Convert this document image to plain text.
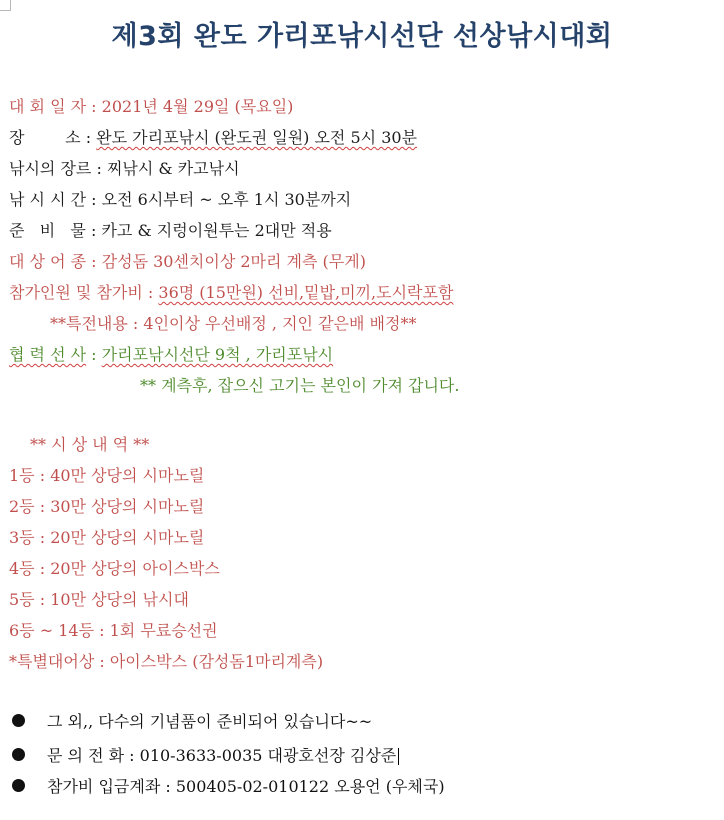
제3회 완도 가리포낚시선단 선상낚시대회
대 회 일 자 : 2021년 4월 29일 (목요일)
장        소 : 완도 가리포낚시 (완도권 일원) 오전 5시 30분
낚시의 장르 : 찌낚시 & 카고낚시
낚 시 시 간 : 오전 6시부터 ~ 오후 1시 30분까지
준   비   물 : 카고 & 지렁이원투는 2대만 적용
대 상 어 종 : 감성돔 30센치이상 2마리 계측 (무게)
참가인원 및 참가비 : 36명 (15만원) 선비,밑밥,미끼,도시락포함
**특전내용 : 4인이상 우선배정 , 지인 같은배 배정**
협 력 선 사 : 가리포낚시선단 9척 , 가리포낚시
** 계측후, 잡으신 고기는 본인이 가져 갑니다.
** 시 상 내 역 **
1등 : 40만 상당의 시마노릴
2등 : 30만 상당의 시마노릴
3등 : 20만 상당의 시마노릴
4등 : 20만 상당의 아이스박스
5등 : 10만 상당의 낚시대
6등 ~ 14등 : 1회 무료승선권
*특별대어상 : 아이스박스 (감성돔1마리계측)
그 외,, 다수의 기념품이 준비되어 있습니다~~
문 의 전 화 : 010-3633-0035 대광호선장 김상준
참가비 입금계좌 : 500405-02-010122 오용언 (우체국)
